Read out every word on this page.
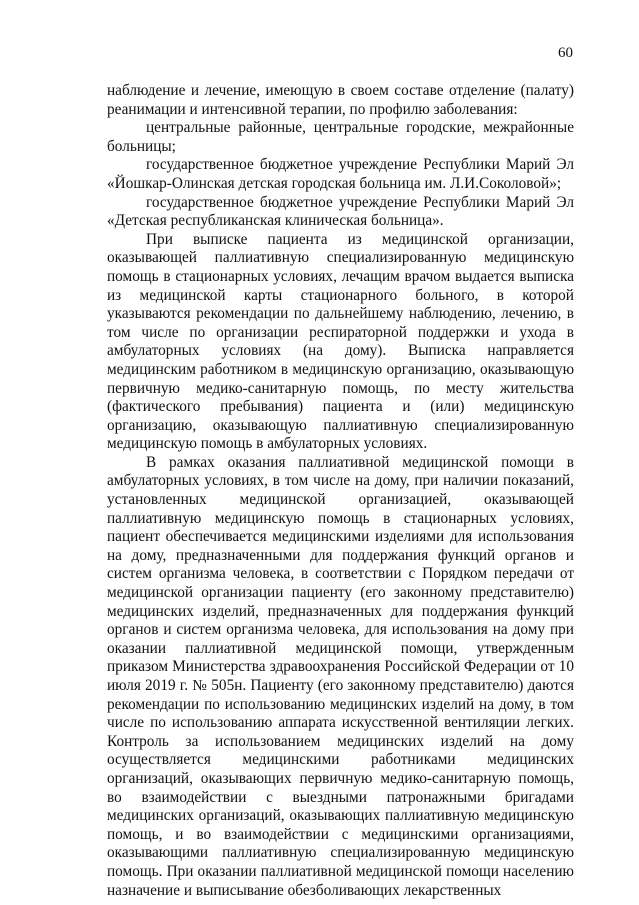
60

наблюдение и лечение, имеющую в своем составе отделение (палату) реанимации и интенсивной терапии, по профилю заболевания:

центральные районные, центральные городские, межрайонные больницы;

государственное бюджетное учреждение Республики Марий Эл «Йошкар-Олинская детская городская больница им. Л.И.Соколовой»;

государственное бюджетное учреждение Республики Марий Эл «Детская республиканская клиническая больница».

При выписке пациента из медицинской организации, оказывающей паллиативную специализированную медицинскую помощь в стационарных условиях, лечащим врачом выдается выписка из медицинской карты стационарного больного, в которой указываются рекомендации по дальнейшему наблюдению, лечению, в том числе по организации респираторной поддержки и ухода в амбулаторных условиях (на дому). Выписка направляется медицинским работником в медицинскую организацию, оказывающую первичную медико-санитарную помощь, по месту жительства (фактического пребывания) пациента и (или) медицинскую организацию, оказывающую паллиативную специализированную медицинскую помощь в амбулаторных условиях.

В рамках оказания паллиативной медицинской помощи в амбулаторных условиях, в том числе на дому, при наличии показаний, установленных медицинской организацией, оказывающей паллиативную медицинскую помощь в стационарных условиях, пациент обеспечивается медицинскими изделиями для использования на дому, предназначенными для поддержания функций органов и систем организма человека, в соответствии с Порядком передачи от медицинской организации пациенту (его законному представителю) медицинских изделий, предназначенных для поддержания функций органов и систем организма человека, для использования на дому при оказании паллиативной медицинской помощи, утвержденным приказом Министерства здравоохранения Российской Федерации от 10 июля 2019 г. № 505н. Пациенту (его законному представителю) даются рекомендации по использованию медицинских изделий на дому, в том числе по использованию аппарата искусственной вентиляции легких. Контроль за использованием медицинских изделий на дому осуществляется медицинскими работниками медицинских организаций, оказывающих первичную медико-санитарную помощь, во взаимодействии с выездными патронажными бригадами медицинских организаций, оказывающих паллиативную медицинскую помощь, и во взаимодействии с медицинскими организациями, оказывающими паллиативную специализированную медицинскую помощь. При оказании паллиативной медицинской помощи населению назначение и выписывание обезболивающих лекарственных
